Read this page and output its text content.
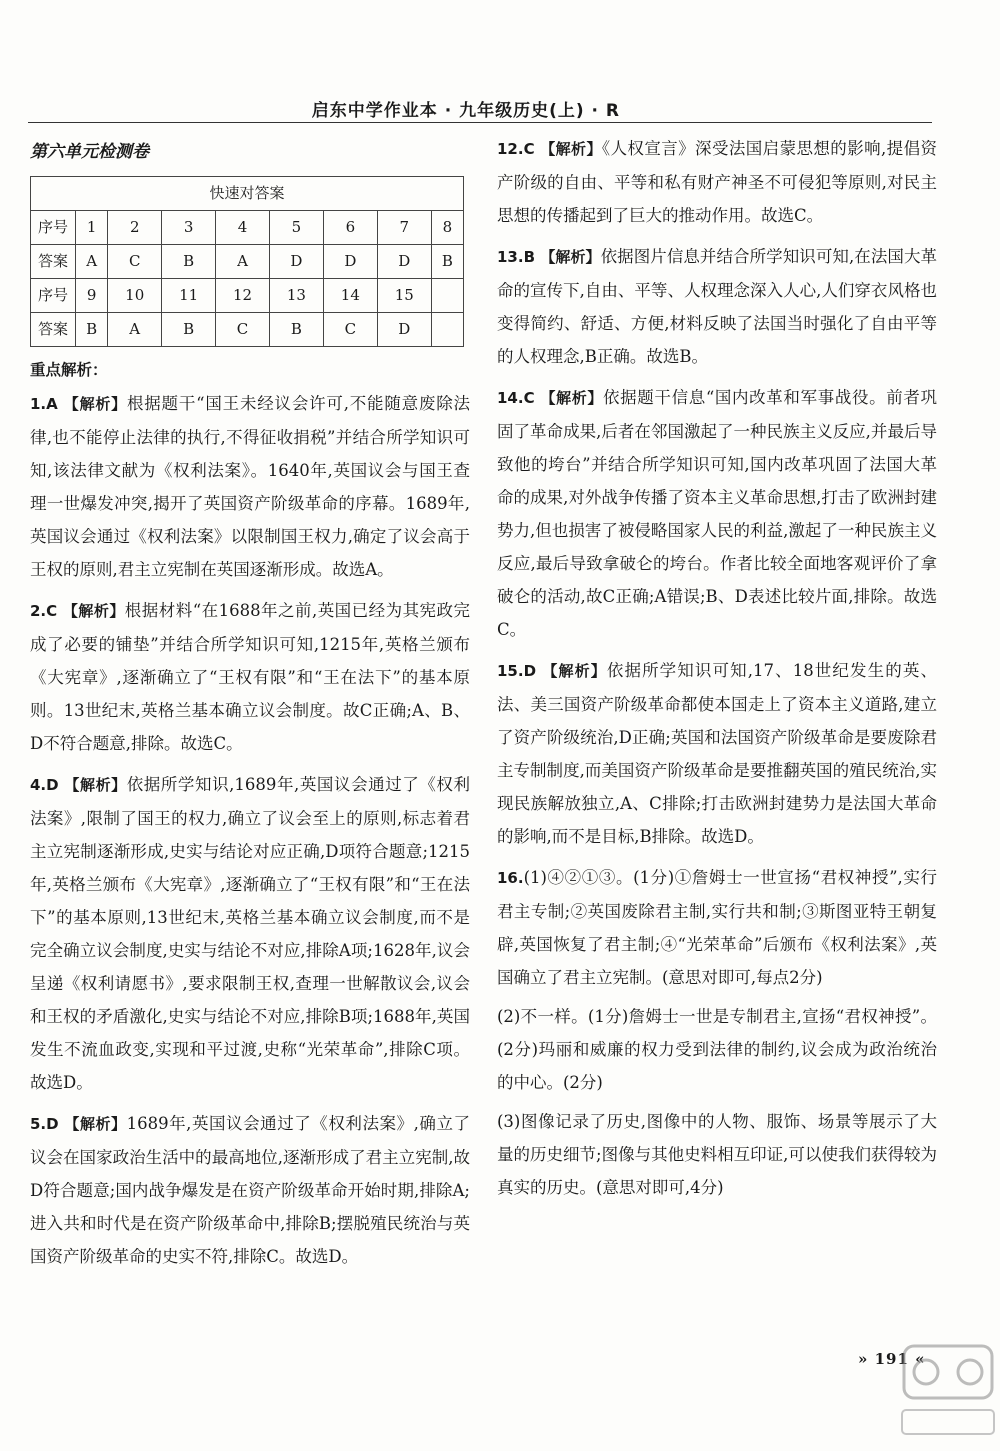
启东中学作业本 · 九年级历史(上) · R
第六单元检测卷
快速对答案								
序号	1	2	3	4	5	6	7	8
答案	A	C	B	A	D	D	D	B
序号	9	10	11	12	13	14	15	
答案	B	A	B	C	B	C	D	
重点解析：
1.A 【解析】根据题干“国王未经议会许可,不能随意废除法律,也不能停止法律的执行,不得征收捐税”并结合所学知识可知,该法律文献为《权利法案》。1640年,英国议会与国王查理一世爆发冲突,揭开了英国资产阶级革命的序幕。1689年,英国议会通过《权利法案》以限制国王权力,确定了议会高于王权的原则,君主立宪制在英国逐渐形成。故选A。
2.C 【解析】根据材料“在1688年之前,英国已经为其宪政完成了必要的铺垫”并结合所学知识可知,1215年,英格兰颁布《大宪章》,逐渐确立了“王权有限”和“王在法下”的基本原则。13世纪末,英格兰基本确立议会制度。故C正确;A、B、D不符合题意,排除。故选C。
4.D 【解析】依据所学知识,1689年,英国议会通过了《权利法案》,限制了国王的权力,确立了议会至上的原则,标志着君主立宪制逐渐形成,史实与结论对应正确,D项符合题意;1215年,英格兰颁布《大宪章》,逐渐确立了“王权有限”和“王在法下”的基本原则,13世纪末,英格兰基本确立议会制度,而不是完全确立议会制度,史实与结论不对应,排除A项;1628年,议会呈递《权利请愿书》,要求限制王权,查理一世解散议会,议会和王权的矛盾激化,史实与结论不对应,排除B项;1688年,英国发生不流血政变,实现和平过渡,史称“光荣革命”,排除C项。故选D。
5.D 【解析】1689年,英国议会通过了《权利法案》,确立了议会在国家政治生活中的最高地位,逐渐形成了君主立宪制,故D符合题意;国内战争爆发是在资产阶级革命开始时期,排除A;进入共和时代是在资产阶级革命中,排除B;摆脱殖民统治与英国资产阶级革命的史实不符,排除C。故选D。
12.C 【解析】《人权宣言》深受法国启蒙思想的影响,提倡资产阶级的自由、平等和私有财产神圣不可侵犯等原则,对民主思想的传播起到了巨大的推动作用。故选C。
13.B 【解析】依据图片信息并结合所学知识可知,在法国大革命的宣传下,自由、平等、人权理念深入人心,人们穿衣风格也变得简约、舒适、方便,材料反映了法国当时强化了自由平等的人权理念,B正确。故选B。
14.C 【解析】依据题干信息“国内改革和军事战役。前者巩固了革命成果,后者在邻国激起了一种民族主义反应,并最后导致他的垮台”并结合所学知识可知,国内改革巩固了法国大革命的成果,对外战争传播了资本主义革命思想,打击了欧洲封建势力,但也损害了被侵略国家人民的利益,激起了一种民族主义反应,最后导致拿破仑的垮台。作者比较全面地客观评价了拿破仑的活动,故C正确;A错误;B、D表述比较片面,排除。故选C。
15.D 【解析】依据所学知识可知,17、18世纪发生的英、法、美三国资产阶级革命都使本国走上了资本主义道路,建立了资产阶级统治,D正确;英国和法国资产阶级革命是要废除君主专制制度,而美国资产阶级革命是要推翻英国的殖民统治,实现民族解放独立,A、C排除;打击欧洲封建势力是法国大革命的影响,而不是目标,B排除。故选D。
16.(1)④②①③。(1分)①詹姆士一世宣扬“君权神授”,实行君主专制;②英国废除君主制,实行共和制;③斯图亚特王朝复辟,英国恢复了君主制;④“光荣革命”后颁布《权利法案》,英国确立了君主立宪制。(意思对即可,每点2分)
(2)不一样。(1分)詹姆士一世是专制君主,宣扬“君权神授”。(2分)玛丽和威廉的权力受到法律的制约,议会成为政治统治的中心。(2分)
(3)图像记录了历史,图像中的人物、服饰、场景等展示了大量的历史细节;图像与其他史料相互印证,可以使我们获得较为真实的历史。(意思对即可,4分)
» 191 «
